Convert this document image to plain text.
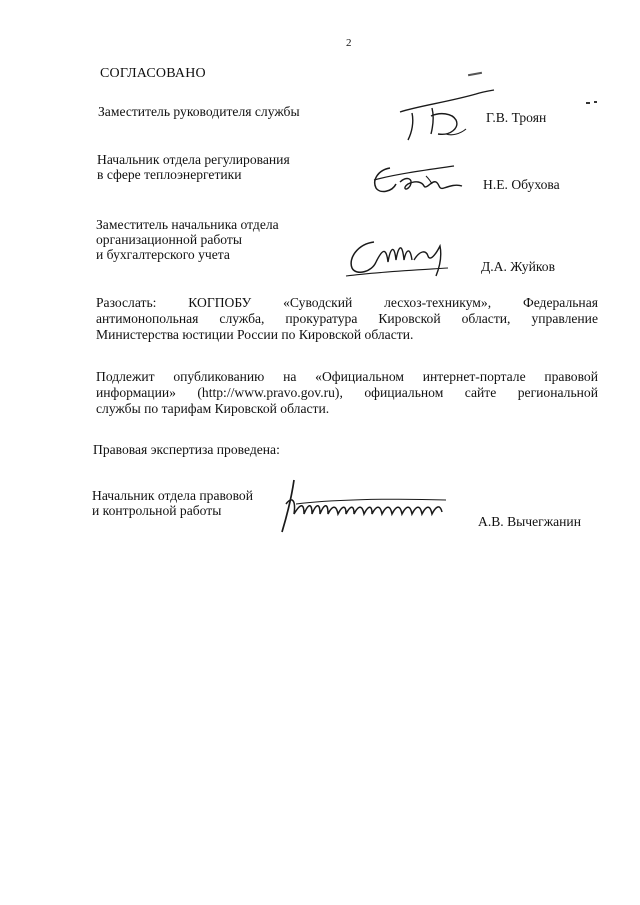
2
СОГЛАСОВАНО
Заместитель руководителя службы	Г.В. Троян
Начальник отдела регулирования
в сфере теплоэнергетики
Н.Е. Обухова
Заместитель начальника отдела
организационной работы
и бухгалтерского учета
Д.А. Жуйков
Разослать: КОГПОБУ «Суводский лесхоз-техникум», Федеральная
антимонопольная служба, прокуратура Кировской области, управление
Министерства юстиции России по Кировской области.
Подлежит опубликованию на «Официальном интернет-портале правовой
информации» (http://www.pravo.gov.ru), официальном сайте региональной
службы по тарифам Кировской области.
Правовая экспертиза проведена:
Начальник отдела правовой
и контрольной работы
А.В. Вычегжанин
